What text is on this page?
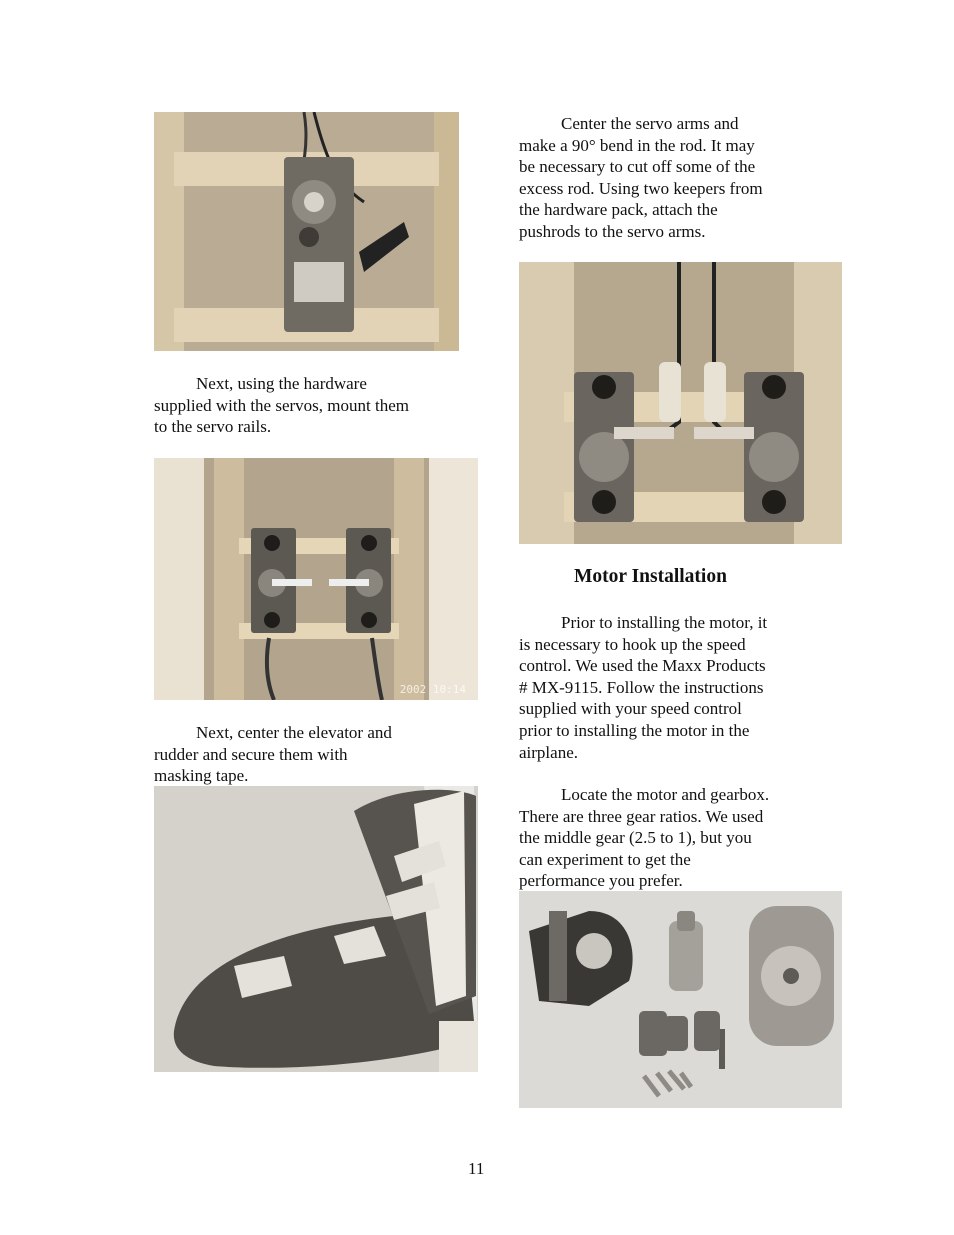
Next, using the hardware
supplied with the servos, mount them
to the servo rails.
2002 10:14
Next, center the elevator and
rudder and secure them with
masking tape.
Center the servo arms and
make a 90° bend in the rod. It may
be necessary to cut off some of the
excess rod. Using two keepers from
the hardware pack, attach the
pushrods to the servo arms.
Motor Installation
Prior to installing the motor, it
is necessary to hook up the speed
control. We used the Maxx Products
# MX-9115. Follow the instructions
supplied with your speed control
prior to installing the motor in the
airplane.
Locate the motor and gearbox.
There are three gear ratios. We used
the middle gear (2.5 to 1), but you
can experiment to get the
performance you prefer.
11
